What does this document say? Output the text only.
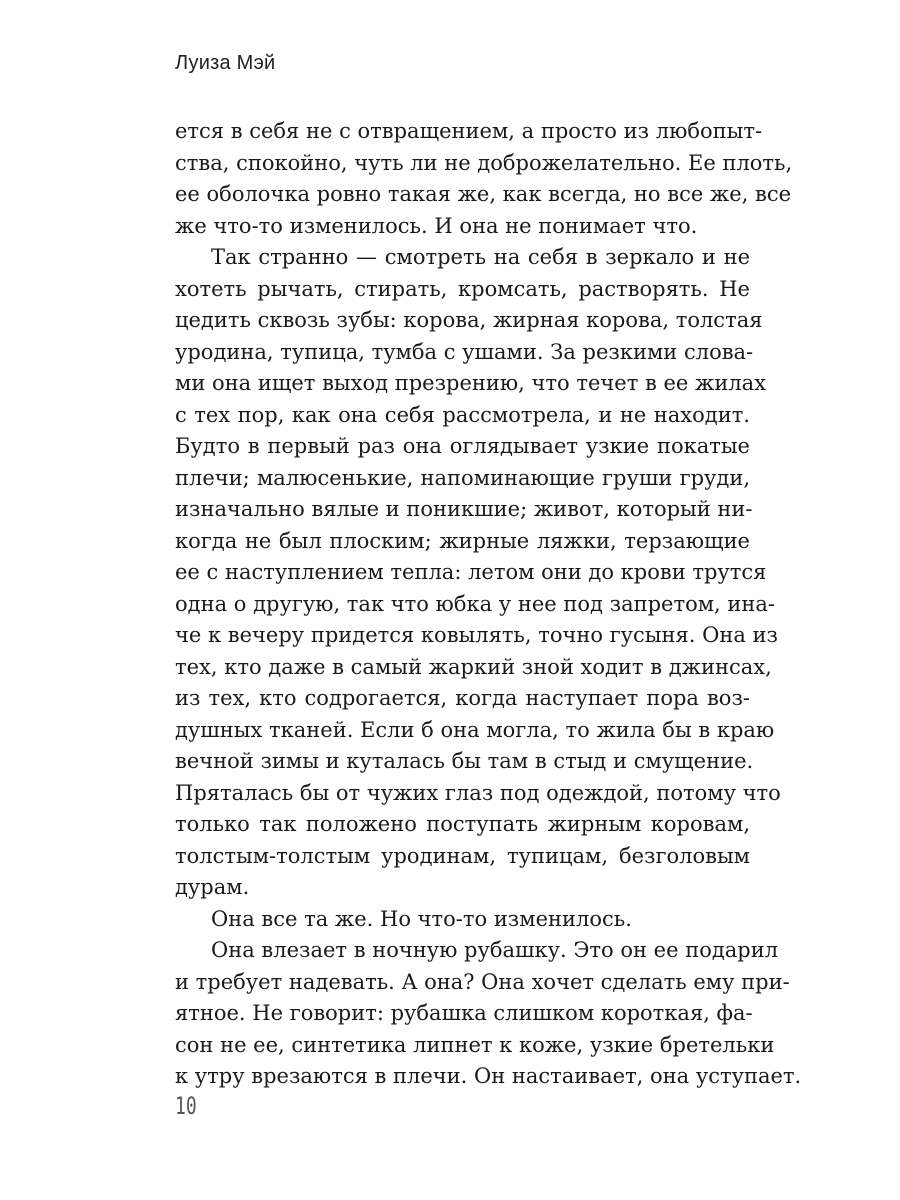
Луиза Мэй
ется в себя не с отвращением, а просто из любопыт-
ства, спокойно, чуть ли не доброжелательно. Ее плоть,
ее оболочка ровно такая же, как всегда, но все же, все
же что-то изменилось. И она не понимает что.
Так странно — смотреть на себя в зеркало и не
хотеть рычать, стирать, кромсать, растворять. Не
цедить сквозь зубы: корова, жирная корова, толстая
уродина, тупица, тумба с ушами. За резкими слова-
ми она ищет выход презрению, что течет в ее жилах
с тех пор, как она себя рассмотрела, и не находит.
Будто в первый раз она оглядывает узкие покатые
плечи; малюсенькие, напоминающие груши груди,
изначально вялые и поникшие; живот, который ни-
когда не был плоским; жирные ляжки, терзающие
ее с наступлением тепла: летом они до крови трутся
одна о другую, так что юбка у нее под запретом, ина-
че к вечеру придется ковылять, точно гусыня. Она из
тех, кто даже в самый жаркий зной ходит в джинсах,
из тех, кто содрогается, когда наступает пора воз-
душных тканей. Если б она могла, то жила бы в краю
вечной зимы и куталась бы там в стыд и смущение.
Пряталась бы от чужих глаз под одеждой, потому что
только так положено поступать жирным коровам,
толстым-толстым уродинам, тупицам, безголовым
дурам.
Она все та же. Но что-то изменилось.
Она влезает в ночную рубашку. Это он ее подарил
и требует надевать. А она? Она хочет сделать ему при-
ятное. Не говорит: рубашка слишком короткая, фа-
сон не ее, синтетика липнет к коже, узкие бретельки
к утру врезаются в плечи. Он настаивает, она уступает.
10
